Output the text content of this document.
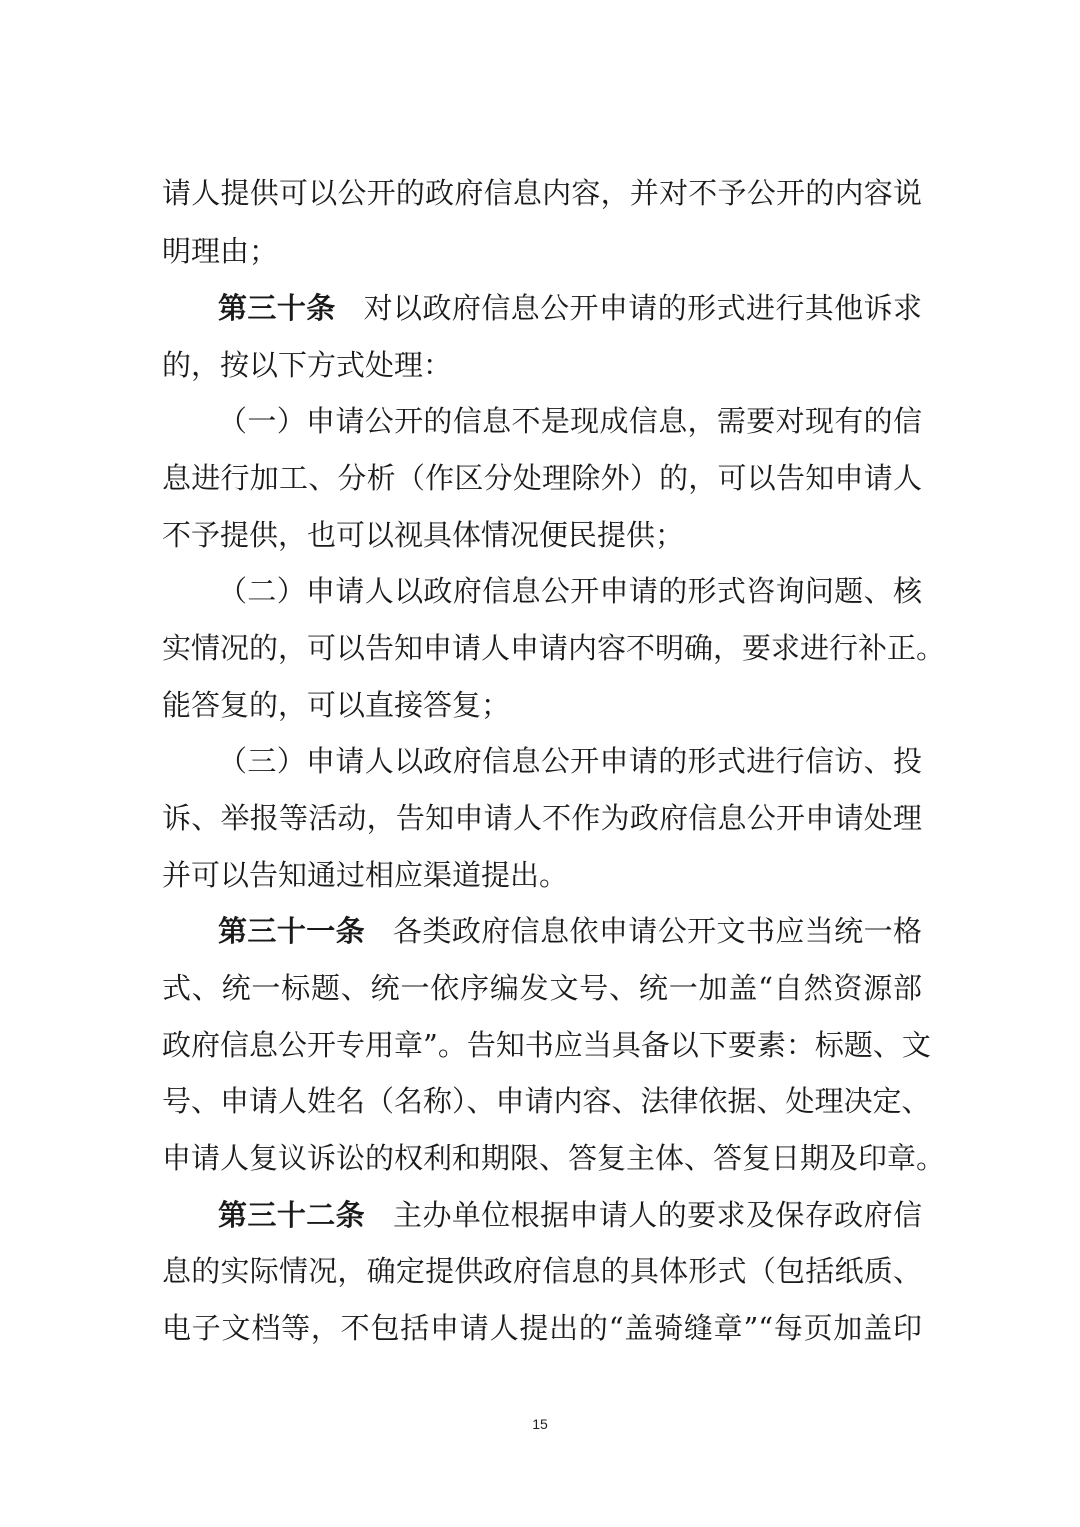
请人提供可以公开的政府信息内容，并对不予公开的内容说
明理由；
第三十条 对以政府信息公开申请的形式进行其他诉求
的，按以下方式处理：
（一）申请公开的信息不是现成信息，需要对现有的信
息进行加工、分析（作区分处理除外）的，可以告知申请人
不予提供，也可以视具体情况便民提供；
（二）申请人以政府信息公开申请的形式咨询问题、核
实情况的，可以告知申请人申请内容不明确，要求进行补正。
能答复的，可以直接答复；
（三）申请人以政府信息公开申请的形式进行信访、投
诉、举报等活动，告知申请人不作为政府信息公开申请处理
并可以告知通过相应渠道提出。
第三十一条 各类政府信息依申请公开文书应当统一格
式、统一标题、统一依序编发文号、统一加盖“自然资源部
政府信息公开专用章”。告知书应当具备以下要素：标题、文
号、申请人姓名（名称）、申请内容、法律依据、处理决定、
申请人复议诉讼的权利和期限、答复主体、答复日期及印章。
第三十二条 主办单位根据申请人的要求及保存政府信
息的实际情况，确定提供政府信息的具体形式（包括纸质、
电子文档等，不包括申请人提出的“盖骑缝章”“每页加盖印
15
